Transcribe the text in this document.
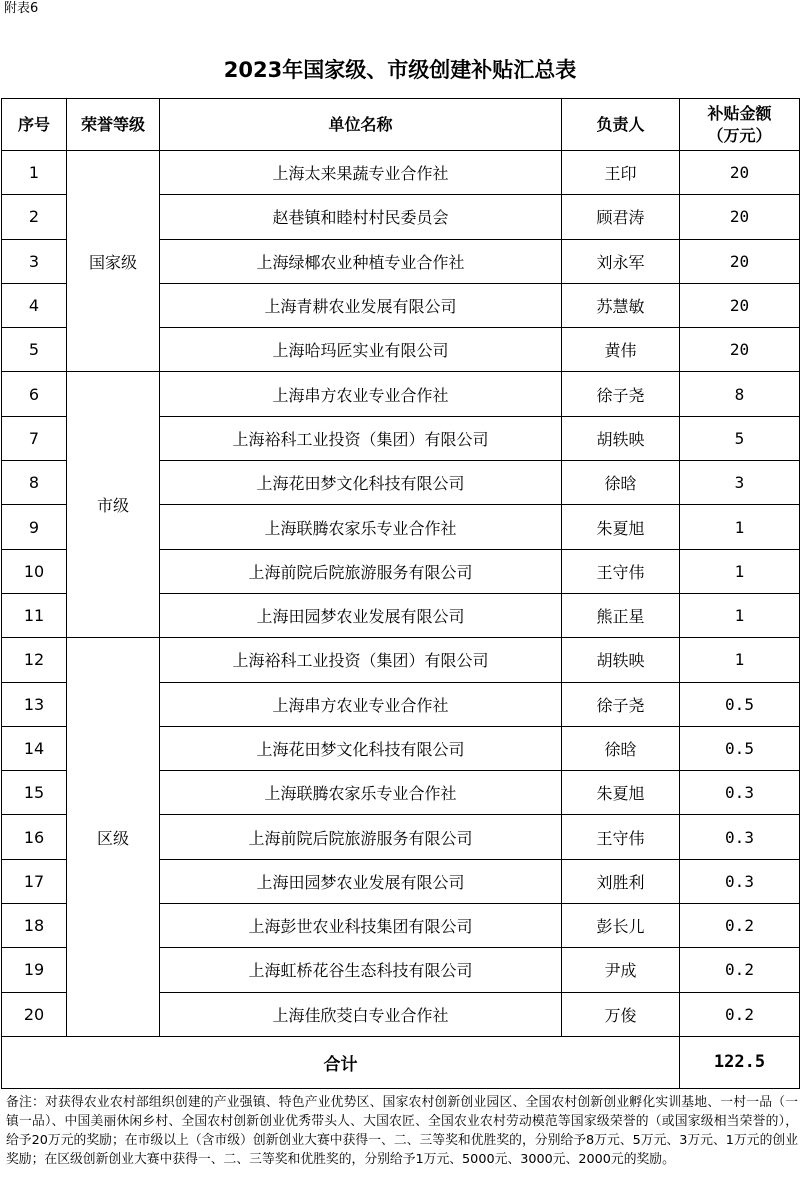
附表6
2023年国家级、市级创建补贴汇总表
序号	荣誉等级	单位名称	负责人	补贴金额
（万元）

1	国家级	上海太来果蔬专业合作社	王印	20
2		赵巷镇和睦村村民委员会	顾君涛	20
3		上海绿椰农业种植专业合作社	刘永军	20
4		上海青耕农业发展有限公司	苏慧敏	20
5		上海哈玛匠实业有限公司	黄伟	20
6	市级	上海串方农业专业合作社	徐子尧	8
7		上海裕科工业投资（集团）有限公司	胡轶映	5
8		上海花田梦文化科技有限公司	徐晗	3
9		上海联腾农家乐专业合作社	朱夏旭	1
10		上海前院后院旅游服务有限公司	王守伟	1
11		上海田园梦农业发展有限公司	熊正星	1
12	区级	上海裕科工业投资（集团）有限公司	胡轶映	1
13		上海串方农业专业合作社	徐子尧	0.5
14		上海花田梦文化科技有限公司	徐晗	0.5
15		上海联腾农家乐专业合作社	朱夏旭	0.3
16		上海前院后院旅游服务有限公司	王守伟	0.3
17		上海田园梦农业发展有限公司	刘胜利	0.3
18		上海彭世农业科技集团有限公司	彭长儿	0.2
19		上海虹桥花谷生态科技有限公司	尹成	0.2
20		上海佳欣茭白专业合作社	万俊	0.2
合计				122.5
备注：对获得农业农村部组织创建的产业强镇、特色产业优势区、国家农村创新创业园区、全国农村创新创业孵化实训基地、一村一品（一镇一品）、中国美丽休闲乡村、全国农村创新创业优秀带头人、大国农匠、全国农业农村劳动模范等国家级荣誉的（或国家级相当荣誉的），给予20万元的奖励；在市级以上（含市级）创新创业大赛中获得一、二、三等奖和优胜奖的，分别给予8万元、5万元、3万元、1万元的创业奖励；在区级创新创业大赛中获得一、二、三等奖和优胜奖的，分别给予1万元、5000元、3000元、2000元的奖励。
